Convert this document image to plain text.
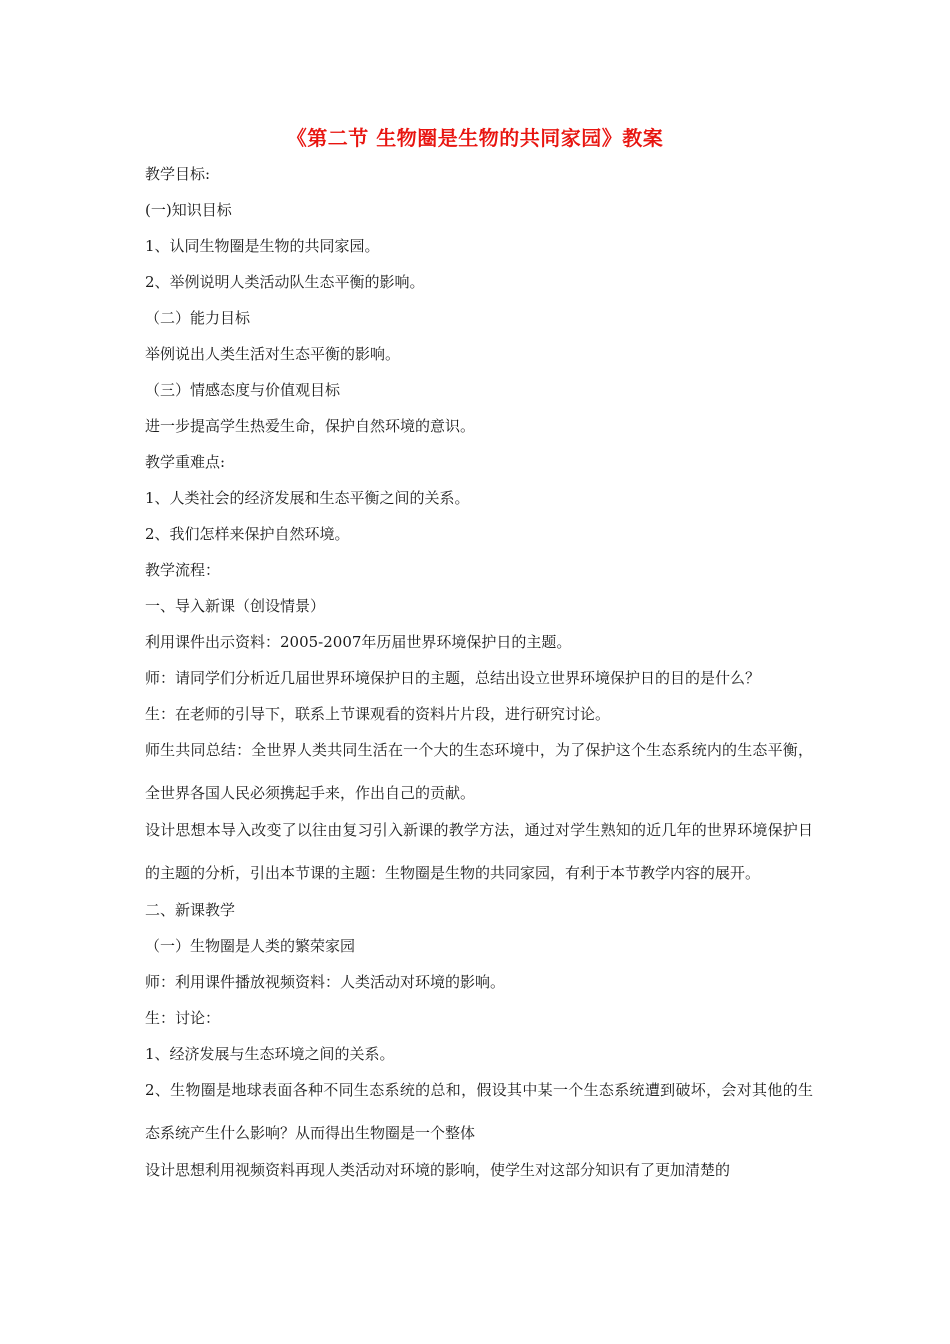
《第二节 生物圈是生物的共同家园》教案
教学目标:
(一)知识目标
1、认同生物圈是生物的共同家园。
2、举例说明人类活动队生态平衡的影响。
（二）能力目标
举例说出人类生活对生态平衡的影响。
（三）情感态度与价值观目标
进一步提高学生热爱生命，保护自然环境的意识。
教学重难点:
1、人类社会的经济发展和生态平衡之间的关系。
2、我们怎样来保护自然环境。
教学流程：
一、导入新课（创设情景）
利用课件出示资料：2005-2007年历届世界环境保护日的主题。
师：请同学们分析近几届世界环境保护日的主题，总结出设立世界环境保护日的目的是什么？
生：在老师的引导下，联系上节课观看的资料片片段，进行研究讨论。
师生共同总结：全世界人类共同生活在一个大的生态环境中，为了保护这个生态系统内的生态平衡，全世界各国人民必须携起手来，作出自己的贡献。
设计思想本导入改变了以往由复习引入新课的教学方法，通过对学生熟知的近几年的世界环境保护日的主题的分析，引出本节课的主题：生物圈是生物的共同家园，有利于本节教学内容的展开。
二、新课教学
（一）生物圈是人类的繁荣家园
师：利用课件播放视频资料：人类活动对环境的影响。
生：讨论：
1、经济发展与生态环境之间的关系。
2、生物圈是地球表面各种不同生态系统的总和，假设其中某一个生态系统遭到破坏，会对其他的生态系统产生什么影响？从而得出生物圈是一个整体
设计思想利用视频资料再现人类活动对环境的影响，使学生对这部分知识有了更加清楚的
